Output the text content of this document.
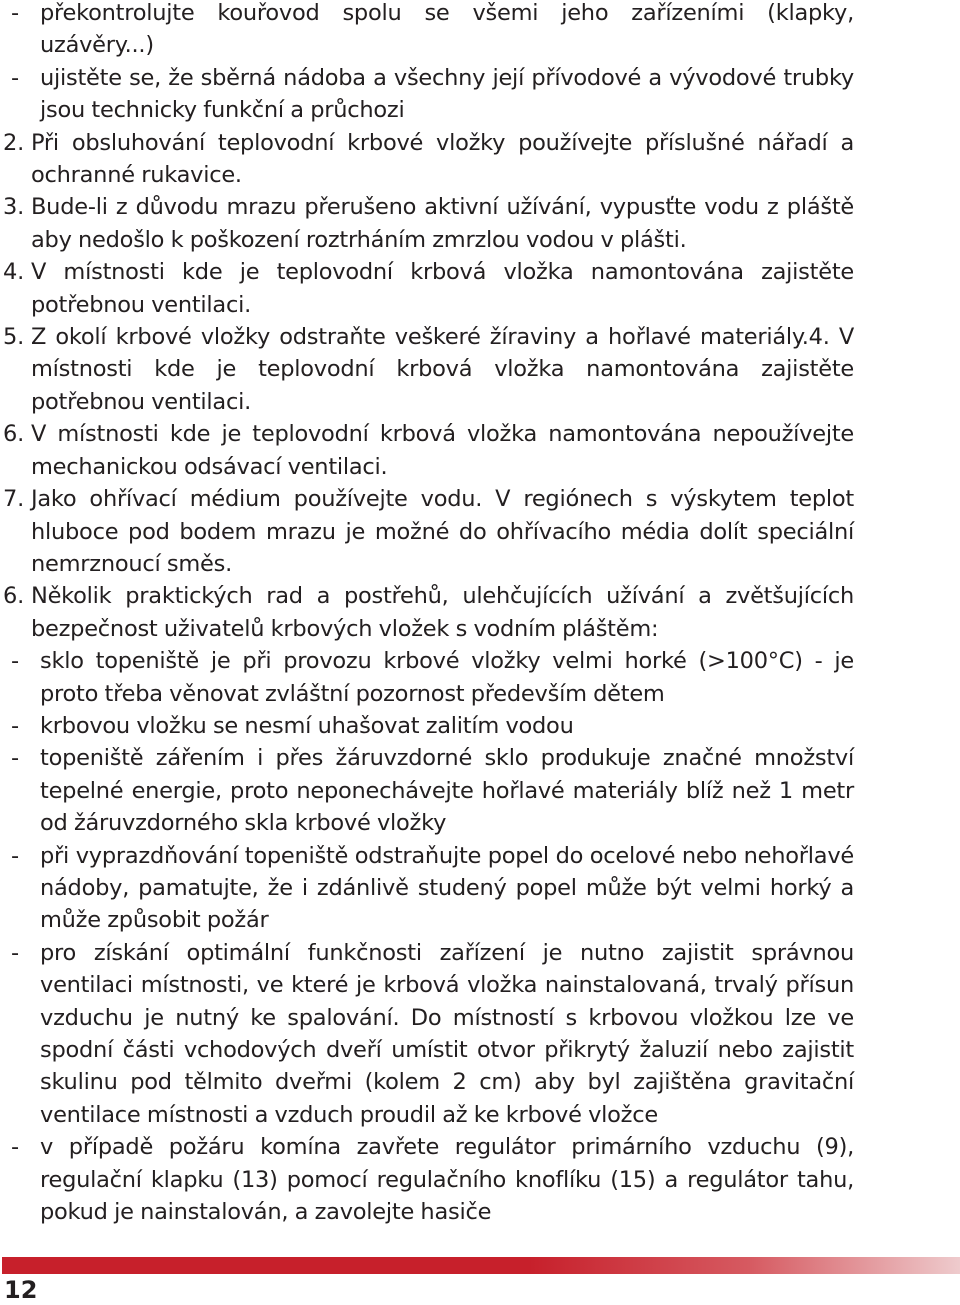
- překontrolujte kouřovod spolu se všemi jeho zařízeními (klapky, uzávěry...)
- ujistěte se, že sběrná nádoba a všechny její přívodové a vývodové trubky jsou technicky funkční a průchozi
2. Při obsluhování teplovodní krbové vložky používejte příslušné nářadí a ochranné rukavice.
3. Bude-li z důvodu mrazu přerušeno aktivní užívání, vypusťte vodu z pláště aby nedošlo k poškození roztrháním zmrzlou vodou v plášti.
4. V místnosti kde je teplovodní krbová vložka namontována zajistěte potřebnou ventilaci.
5. Z okolí krbové vložky odstraňte veškeré žíraviny a hořlavé materiály.4. V místnosti kde je teplovodní krbová vložka namontována zajistěte potřebnou ventilaci.
6. V místnosti kde je teplovodní krbová vložka namontována nepoužívejte mechanickou odsávací ventilaci.
7. Jako ohřívací médium používejte vodu. V regiónech s výskytem teplot hluboce pod bodem mrazu je možné do ohřívacího média dolít speciální nemrznoucí směs.
6. Několik praktických rad a postřehů, ulehčujících užívání a zvětšujících bezpečnost uživatelů krbových vložek s vodním pláštěm:
- sklo topeniště je při provozu krbové vložky velmi horké (>100°C) - je proto třeba věnovat zvláštní pozornost především dětem
- krbovou vložku se nesmí uhašovat zalitím vodou
- topeniště zářením i přes žáruvzdorné sklo produkuje značné množství tepelné energie, proto neponechávejte hořlavé materiály blíž než 1 metr od žáruvzdorného skla krbové vložky
- při vyprazdňování topeniště odstraňujte popel do ocelové nebo nehořlavé nádoby, pamatujte, že i zdánlivě studený popel může být velmi horký a může způsobit požár
- pro získání optimální funkčnosti zařízení je nutno zajistit správnou ventilaci místnosti, ve které je krbová vložka nainstalovaná, trvalý přísun vzduchu je nutný ke spalování. Do místností s krbovou vložkou lze ve spodní části vchodových dveří umístit otvor přikrytý žaluzií nebo zajistit skulinu pod tělmito dveřmi (kolem 2 cm) aby byl zajištěna gravitační ventilace místnosti a vzduch proudil až ke krbové vložce
- v případě požáru komína zavřete regulátor primárního vzduchu (9), regulační klapku (13) pomocí regulačního knoflíku (15) a regulátor tahu, pokud je nainstalován, a zavolejte hasiče
12
